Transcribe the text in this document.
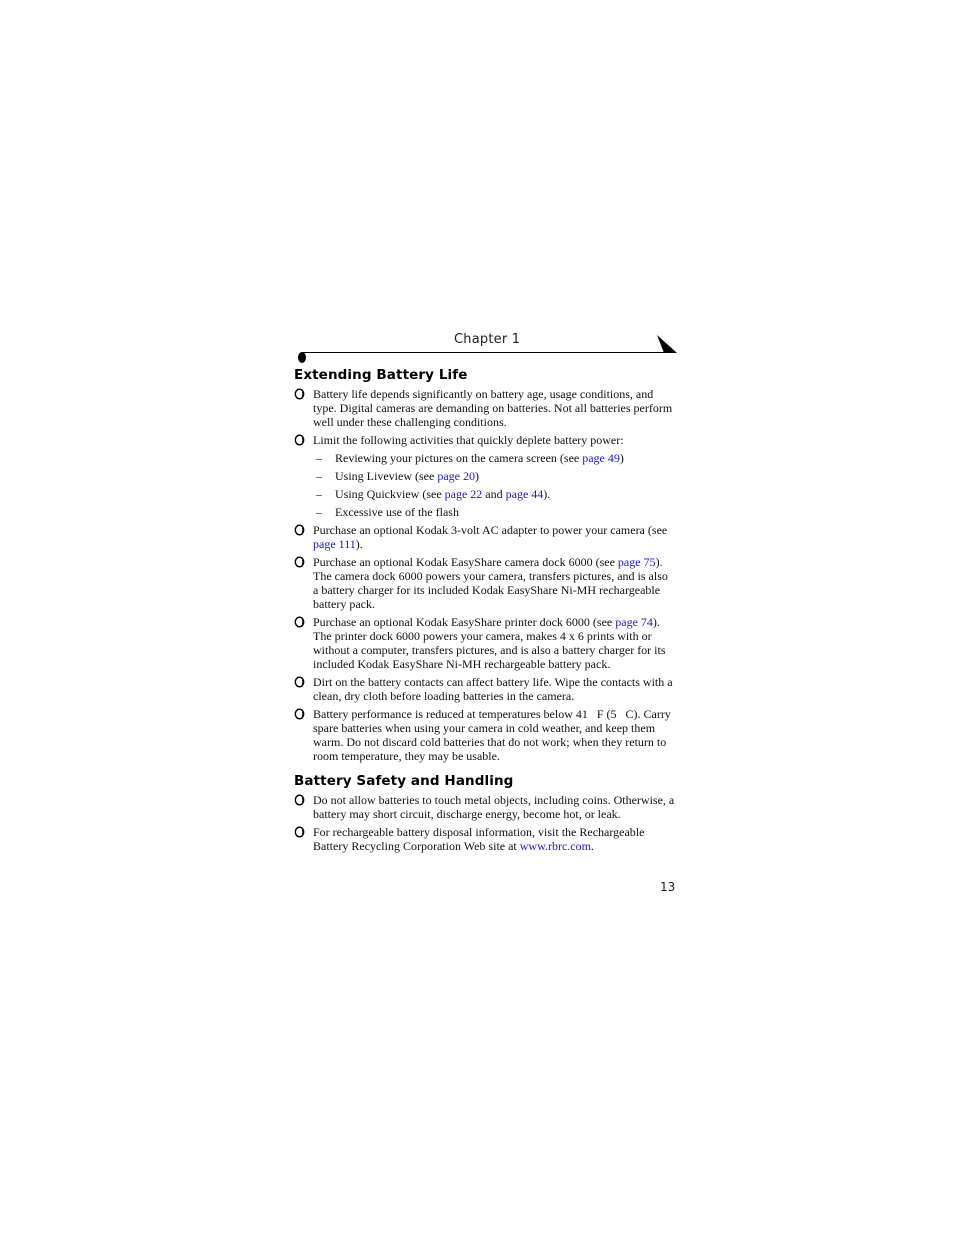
Chapter 1
Extending Battery Life
Battery life depends significantly on battery age, usage conditions, and type. Digital cameras are demanding on batteries. Not all batteries perform well under these challenging conditions.
Limit the following activities that quickly deplete battery power:
–	Reviewing your pictures on the camera screen (see page 49)
–	Using Liveview (see page 20)
–	Using Quickview (see page 22 and page 44).
–	Excessive use of the flash
Purchase an optional Kodak 3-volt AC adapter to power your camera (see page 111).
Purchase an optional Kodak EasyShare camera dock 6000 (see page 75). The camera dock 6000 powers your camera, transfers pictures, and is also a battery charger for its included Kodak EasyShare Ni-MH rechargeable battery pack.
Purchase an optional Kodak EasyShare printer dock 6000 (see page 74). The printer dock 6000 powers your camera, makes 4 x 6 prints with or without a computer, transfers pictures, and is also a battery charger for its included Kodak EasyShare Ni-MH rechargeable battery pack.
Dirt on the battery contacts can affect battery life. Wipe the contacts with a clean, dry cloth before loading batteries in the camera.
Battery performance is reduced at temperatures below 41   F (5   C). Carry spare batteries when using your camera in cold weather, and keep them warm. Do not discard cold batteries that do not work; when they return to room temperature, they may be usable.
Battery Safety and Handling
Do not allow batteries to touch metal objects, including coins. Otherwise, a battery may short circuit, discharge energy, become hot, or leak.
For rechargeable battery disposal information, visit the Rechargeable Battery Recycling Corporation Web site at www.rbrc.com.
13
